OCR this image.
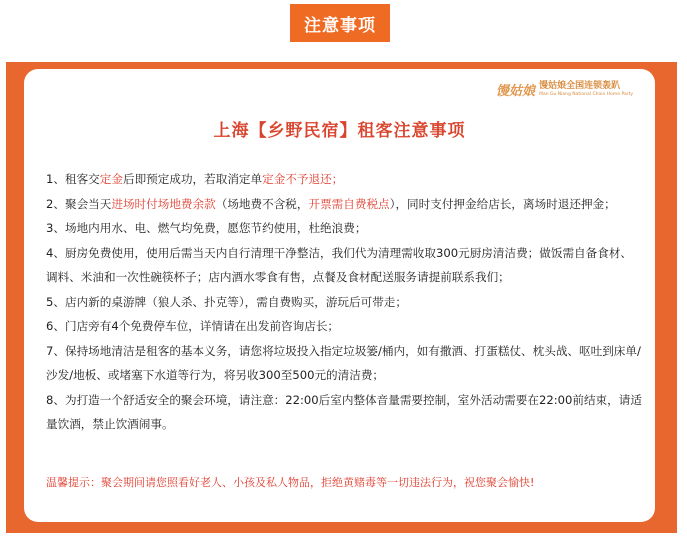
注意事项
馒姑娘 馒姑娘全国连锁轰趴
Man Gu Niang National Chain Home Party
上海【乡野民宿】租客注意事项

1、租客交定金后即预定成功，若取消定单定金不予退还；

2、聚会当天进场时付场地费余款（场地费不含税，开票需自费税点），同时支付押金给店长，离场时退还押金；

3、场地内用水、电、燃气均免费，愿您节约使用，杜绝浪费；

4、厨房免费使用，使用后需当天内自行清理干净整洁，我们代为清理需收取300元厨房清洁费；做饭需自备食材、调料、米油和一次性碗筷杯子；店内酒水零食有售，点餐及食材配送服务请提前联系我们；

5、店内新的桌游牌（狼人杀、扑克等），需自费购买，游玩后可带走；

6、门店旁有4个免费停车位，详情请在出发前咨询店长；

7、保持场地清洁是租客的基本义务，请您将垃圾投入指定垃圾篓/桶内，如有撒酒、打蛋糕仗、枕头战、呕吐到床单/沙发/地板、或堵塞下水道等行为，将另收300至500元的清洁费；

8、为打造一个舒适安全的聚会环境，请注意：22:00后室内整体音量需要控制，室外活动需要在22:00前结束，请适量饮酒，禁止饮酒闹事。

温馨提示：聚会期间请您照看好老人、小孩及私人物品，拒绝黄赌毒等一切违法行为，祝您聚会愉快!
